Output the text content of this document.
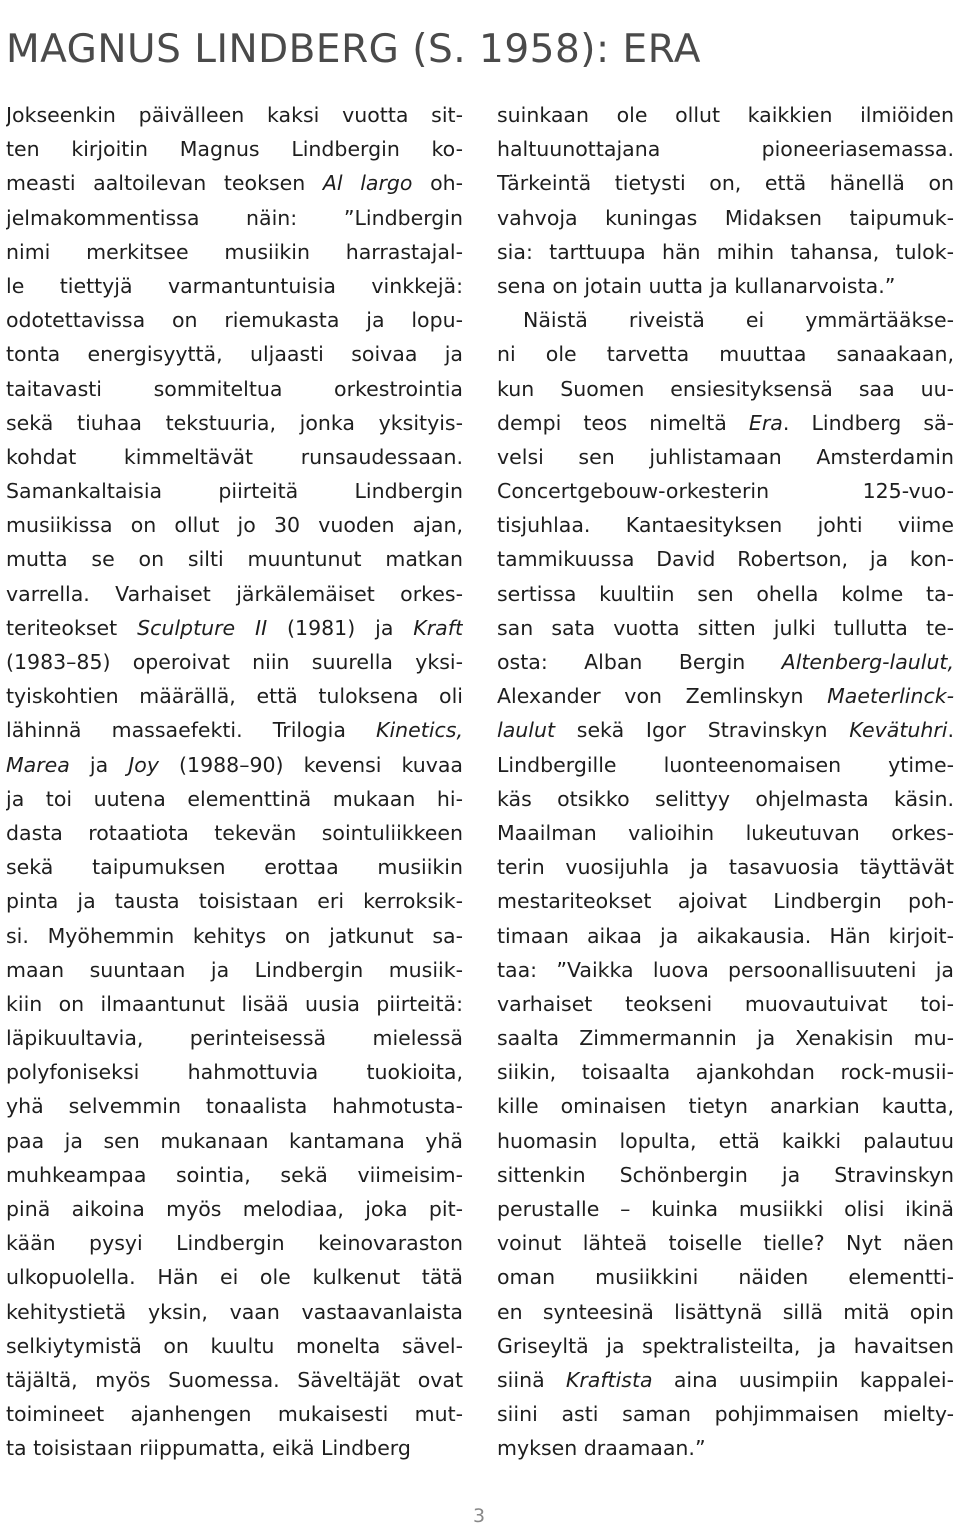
MAGNUS LINDBERG (S. 1958): ERA
Jokseenkin päivälleen kaksi vuotta sit-
ten kirjoitin Magnus Lindbergin ko-
measti aaltoilevan teoksen Al largo oh-
jelmakommentissa näin: ”Lindbergin
nimi merkitsee musiikin harrastajal-
le tiettyjä varmantuntuisia vinkkejä:
odotettavissa on riemukasta ja lopu-
tonta energisyyttä, uljaasti soivaa ja
taitavasti sommiteltua orkestrointia
sekä tiuhaa tekstuuria, jonka yksityis-
kohdat kimmeltävät runsaudessaan.
Samankaltaisia piirteitä Lindbergin
musiikissa on ollut jo 30 vuoden ajan,
mutta se on silti muuntunut matkan
varrella. Varhaiset järkälemäiset orkes-
teriteokset Sculpture II (1981) ja Kraft
(1983–85) operoivat niin suurella yksi-
tyiskohtien määrällä, että tuloksena oli
lähinnä massaefekti. Trilogia Kinetics,
Marea ja Joy (1988–90) kevensi kuvaa
ja toi uutena elementtinä mukaan hi-
dasta rotaatiota tekevän sointuliikkeen
sekä taipumuksen erottaa musiikin
pinta ja tausta toisistaan eri kerroksik-
si. Myöhemmin kehitys on jatkunut sa-
maan suuntaan ja Lindbergin musiik-
kiin on ilmaantunut lisää uusia piirteitä:
läpikuultavia, perinteisessä mielessä
polyfoniseksi hahmottuvia tuokioita,
yhä selvemmin tonaalista hahmotusta-
paa ja sen mukanaan kantamana yhä
muhkeampaa sointia, sekä viimeisim-
pinä aikoina myös melodiaa, joka pit-
kään pysyi Lindbergin keinovaraston
ulkopuolella. Hän ei ole kulkenut tätä
kehitystietä yksin, vaan vastaavanlaista
selkiytymistä on kuultu monelta sävel-
täjältä, myös Suomessa. Säveltäjät ovat
toimineet ajanhengen mukaisesti mut-
ta toisistaan riippumatta, eikä Lindberg
suinkaan ole ollut kaikkien ilmiöiden
haltuunottajana pioneeriasemassa.
Tärkeintä tietysti on, että hänellä on
vahvoja kuningas Midaksen taipumuk-
sia: tarttuupa hän mihin tahansa, tulok-
sena on jotain uutta ja kullanarvoista.”
Näistä riveistä ei ymmärtääkse-
ni ole tarvetta muuttaa sanaakaan,
kun Suomen ensiesityksensä saa uu-
dempi teos nimeltä Era. Lindberg sä-
velsi sen juhlistamaan Amsterdamin
Concertgebouw-orkesterin 125-vuo-
tisjuhlaa. Kantaesityksen johti viime
tammikuussa David Robertson, ja kon-
sertissa kuultiin sen ohella kolme ta-
san sata vuotta sitten julki tullutta te-
osta: Alban Bergin Altenberg-laulut,
Alexander von Zemlinskyn Maeterlinck-
laulut sekä Igor Stravinskyn Kevätuhri.
Lindbergille luonteenomaisen ytime-
käs otsikko selittyy ohjelmasta käsin.
Maailman valioihin lukeutuvan orkes-
terin vuosijuhla ja tasavuosia täyttävät
mestariteokset ajoivat Lindbergin poh-
timaan aikaa ja aikakausia. Hän kirjoit-
taa: ”Vaikka luova persoonallisuuteni ja
varhaiset teokseni muovautuivat toi-
saalta Zimmermannin ja Xenakisin mu-
siikin, toisaalta ajankohdan rock-musii-
kille ominaisen tietyn anarkian kautta,
huomasin lopulta, että kaikki palautuu
sittenkin Schönbergin ja Stravinskyn
perustalle – kuinka musiikki olisi ikinä
voinut lähteä toiselle tielle? Nyt näen
oman musiikkini näiden elementti-
en synteesinä lisättynä sillä mitä opin
Griseyltä ja spektralisteilta, ja havaitsen
siinä Kraftista aina uusimpiin kappalei-
siini asti saman pohjimmaisen mielty-
myksen draamaan.”
3
